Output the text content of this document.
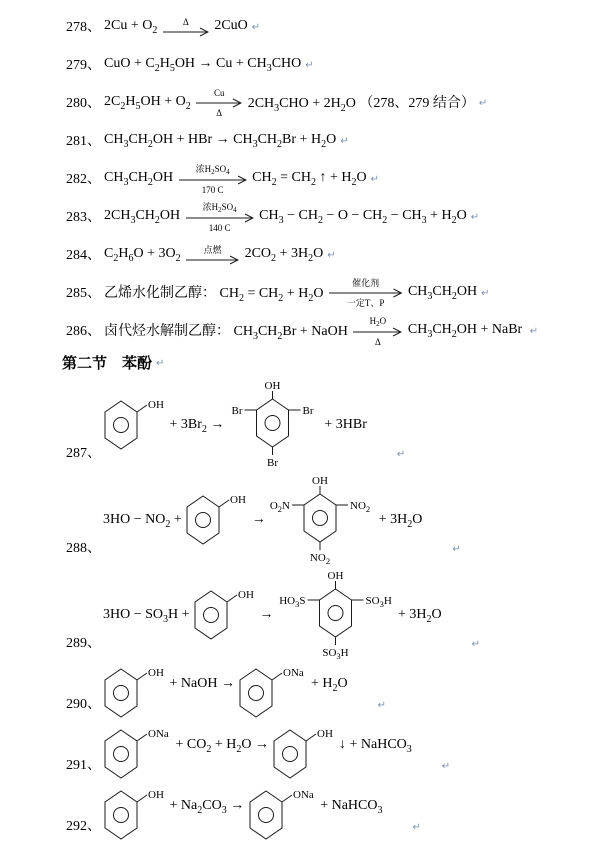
278、 $2Cu + O_2$
Δ 2CuO ↵
279、 CuO + $C_2H_5OH \to Cu + CH_3CHO$ ↵
280、 $2C_2H_5OH + O_2$
Cu
Δ
$2CH_3CHO + 2H_2O$ （278、279 结合） ↵
281、 $CH_3CH_2OH$ + HBr → $CH_3CH_2Br + H_2O$ ↵
282、 $CH_3CH_2OH$
浓$H_2SO_4$
170 C
$CH_2 = CH_2$ ↑ + $H_2O$ ↵
283、 $2CH_3CH_2OH$
浓$H_2SO_4$
140 C
$CH_3 - CH_2 - O - CH_2 - CH_3 + H_2O$ ↵
284、 $C_2H_6O + 3O_2$
点燃 $2CO_2 + 3H_2O$ ↵
285、 乙烯水化制乙醇： $CH_2 = CH_2 + H_2O$
催化剂
一定T、P
$CH_3CH_2OH$ ↵
286、 卤代烃水解制乙醇： $CH_3CH_2Br$ + NaOH
$H_2O$
Δ
$CH_3CH_2OH$ + NaBr ↵
第二节　苯酚 ↵
287、
OH
+ $3Br_2$ →
OH
Br	Br
Br
+ 3HBr
↵
288、
$3HO - NO_2$ +
OH
→
OH
$O_2N$	$NO_2$
$NO_2$
+ $3H_2O$
↵
289、
$3HO - SO_3H$ +
OH
→
OH
$HO_3S$	$SO_3H$
$SO_3H$
+ $3H_2O$
↵
290、
OH
+ NaOH →
ONa
+ $H_2O$
↵
291、
ONa
+ $CO_2 + H_2O$ →
OH
↓ + NaHCO$_3$
↵
292、
OH
+ $Na_2CO_3$ →
ONa
+ NaHCO$_3$
↵
